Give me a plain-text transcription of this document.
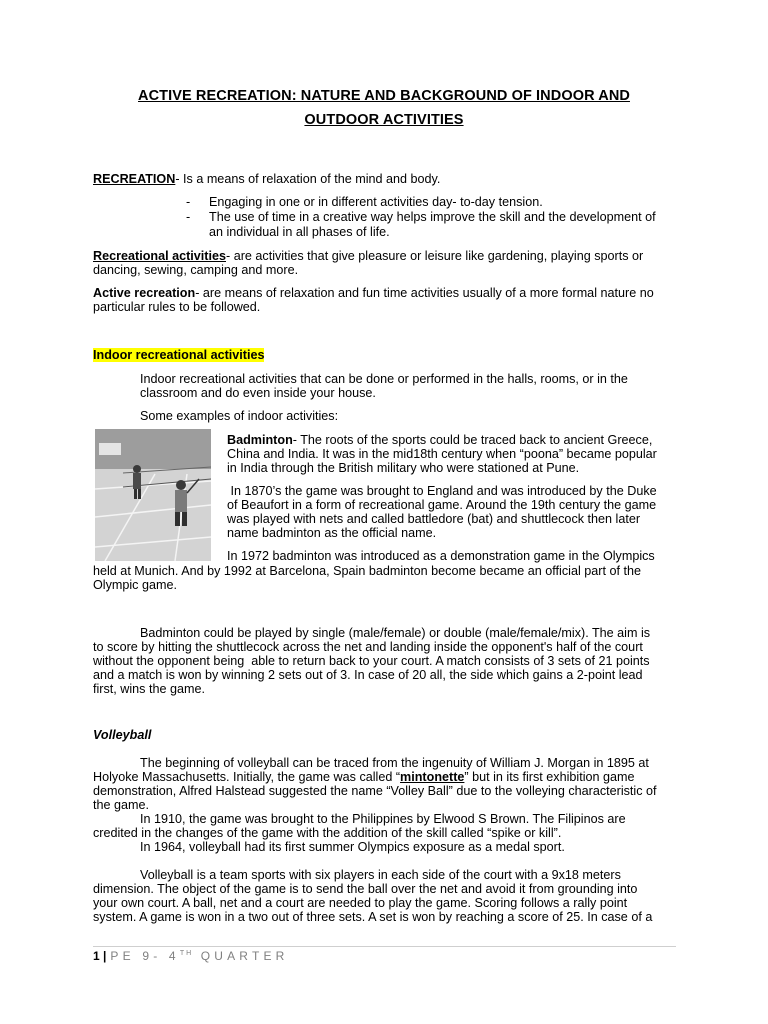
ACTIVE RECREATION: NATURE AND BACKGROUND OF INDOOR AND
OUTDOOR ACTIVITIES
RECREATION- Is a means of relaxation of the mind and body.
- Engaging in one or in different activities day- to-day tension.
- The use of time in a creative way helps improve the skill and the development of
an individual in all phases of life.
Recreational activities- are activities that give pleasure or leisure like gardening, playing sports or
dancing, sewing, camping and more.
Active recreation- are means of relaxation and fun time activities usually of a more formal nature no
particular rules to be followed.
Indoor recreational activities
Indoor recreational activities that can be done or performed in the halls, rooms, or in the
classroom and do even inside your house.
Some examples of indoor activities:
Badminton- The roots of the sports could be traced back to ancient Greece,
China and India. It was in the mid18th century when “poona” became popular
in India through the British military who were stationed at Pune.
In 1870’s the game was brought to England and was introduced by the Duke
of Beaufort in a form of recreational game. Around the 19th century the game
was played with nets and called battledore (bat) and shuttlecock then later
name badminton as the official name.
In 1972 badminton was introduced as a demonstration game in the Olympics
held at Munich. And by 1992 at Barcelona, Spain badminton become became an official part of the
Olympic game.
Badminton could be played by single (male/female) or double (male/female/mix). The aim is
to score by hitting the shuttlecock across the net and landing inside the opponent's half of the court
without the opponent being  able to return back to your court. A match consists of 3 sets of 21 points
and a match is won by winning 2 sets out of 3. In case of 20 all, the side which gains a 2-point lead
first, wins the game.
Volleyball
The beginning of volleyball can be traced from the ingenuity of William J. Morgan in 1895 at
Holyoke Massachusetts. Initially, the game was called “mintonette” but in its first exhibition game
demonstration, Alfred Halstead suggested the name “Volley Ball” due to the volleying characteristic of
the game.
In 1910, the game was brought to the Philippines by Elwood S Brown. The Filipinos are
credited in the changes of the game with the addition of the skill called “spike or kill”.
In 1964, volleyball had its first summer Olympics exposure as a medal sport.
Volleyball is a team sports with six players in each side of the court with a 9x18 meters
dimension. The object of the game is to send the ball over the net and avoid it from grounding into
your own court. A ball, net and a court are needed to play the game. Scoring follows a rally point
system. A game is won in a two out of three sets. A set is won by reaching a score of 25. In case of a
1 | PE 9- 4TH QUARTER
